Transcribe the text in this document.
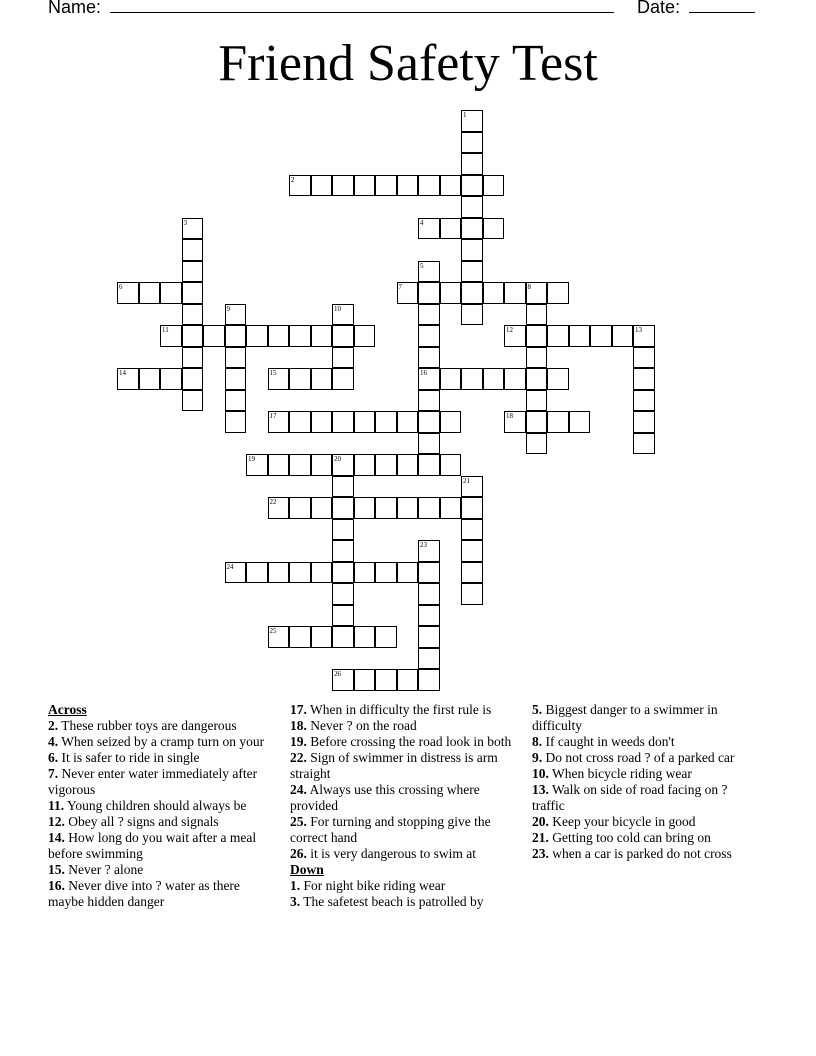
Name:	Date:
Friend Safety Test
1
2
3	4
5
16
6	7	8
9	10
11	12	13
14	15
17	18
19	20
21
22
23
24
25
26
Across
2. These rubber toys are dangerous
4. When seized by a cramp turn on your
6. It is safer to ride in single
7. Never enter water immediately after vigorous
11. Young children should always be
12. Obey all ? signs and signals
14. How long do you wait after a meal before swimming
15. Never ? alone
16. Never dive into ? water as there maybe hidden danger
17. When in difficulty the first rule is
18. Never ? on the road
19. Before crossing the road look in both
22. Sign of swimmer in distress is arm straight
24. Always use this crossing where provided
25. For turning and stopping give the correct hand
26. it is very dangerous to swim at
Down
1. For night bike riding wear
3. The safetest beach is patrolled by
5. Biggest danger to a swimmer in difficulty
8. If caught in weeds don't
9. Do not cross road ? of a parked car
10. When bicycle riding wear
13. Walk on side of road facing on ? traffic
20. Keep your bicycle in good
21. Getting too cold can bring on
23. when a car is parked do not cross
